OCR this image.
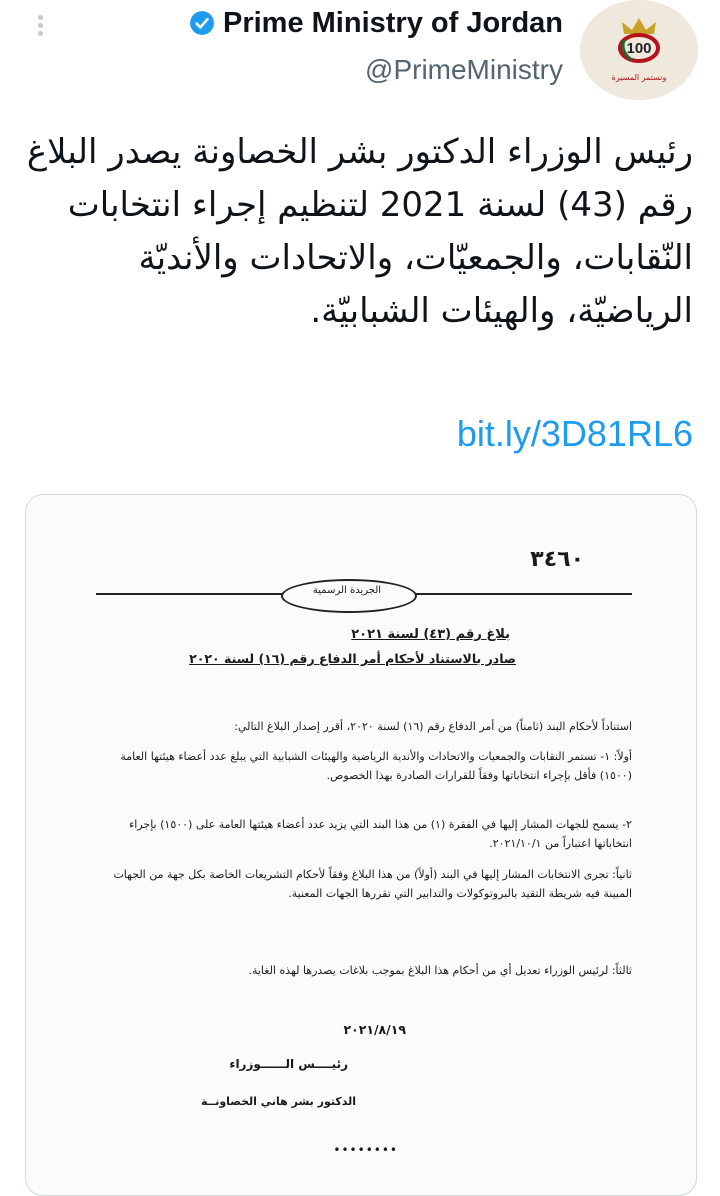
Prime Ministry of Jordan
@PrimeMinistry
100
وتستمر المسيرة
رئيس الوزراء الدكتور بشر الخصاونة يصدر البلاغ رقم (43) لسنة 2021 لتنظيم إجراء انتخابات النّقابات، والجمعيّات، والاتحادات والأنديّة الرياضيّة، والهيئات الشبابيّة.
bit.ly/3D81RL6
٣٤٦٠
الجريدة الرسمية
بلاغ رقم (٤٣) لسنة ٢٠٢١
صادر بالاستناد لأحكام أمر الدفاع رقم (١٦) لسنة ٢٠٢٠
استناداً لأحكام البند (ثامناً) من أمر الدفاع رقم (١٦) لسنة ٢٠٢٠، أقرر إصدار البلاغ التالي:
أولاً: ١- تستمر النقابات والجمعيات والاتحادات والأندية الرياضية والهيئات الشبابية التي يبلغ عدد أعضاء هيئتها العامة (١٥٠٠) فأقل بإجراء انتخاباتها وفقاً للقرارات الصادرة بهذا الخصوص.
٢- يسمح للجهات المشار إليها في الفقرة (١) من هذا البند التي يزيد عدد أعضاء هيئتها العامة على (١٥٠٠) بإجراء انتخاباتها اعتباراً من ٢٠٢١/١٠/١.
ثانياً: تجرى الانتخابات المشار إليها في البند (أولاً) من هذا البلاغ وفقاً لأحكام التشريعات الخاصة بكل جهة من الجهات المبينة فيه شريطة التقيد بالبروتوكولات والتدابير التي تقررها الجهات المعنية.
ثالثاً: لرئيس الوزراء تعديل أي من أحكام هذا البلاغ بموجب بلاغات يصدرها لهذه الغاية.
٢٠٢١/٨/١٩
رئيــــس الــــــوزراء
الدكتور بشر هاني الخصاونــة
••••••••
